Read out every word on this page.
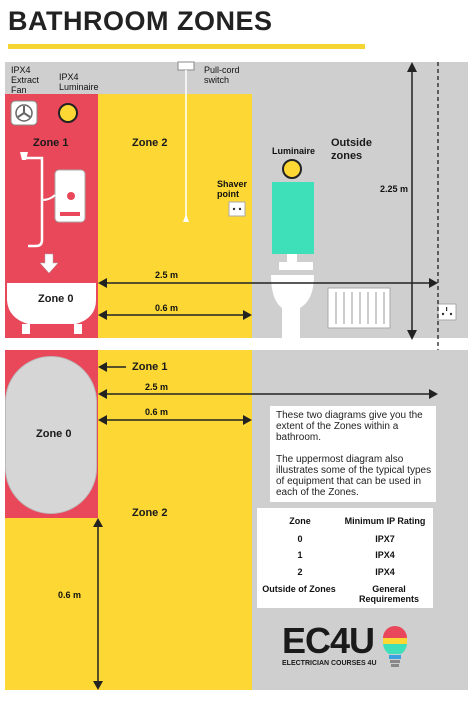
BATHROOM ZONES
IPX4 Extract Fan
IPX4 Luminaire
Pull-cord switch
Zone 1	Zone 2
Shaver point
Luminaire
Outside zones
Zone 0
2.25 m
2.5 m
0.6 m
Zone 1
Zone 0
Zone 2
2.5 m
0.6 m
0.6 m

These two diagrams give you the extent of the Zones within a bathroom.

The uppermost diagram also illustrates some of the typical types of equipment that can be used in each of the Zones.

Zone	Minimum IP Rating
0	IPX7
1	IPX4
2	IPX4
Outside of Zones	General Requirements
EC4U
ELECTRICIAN COURSES 4U
